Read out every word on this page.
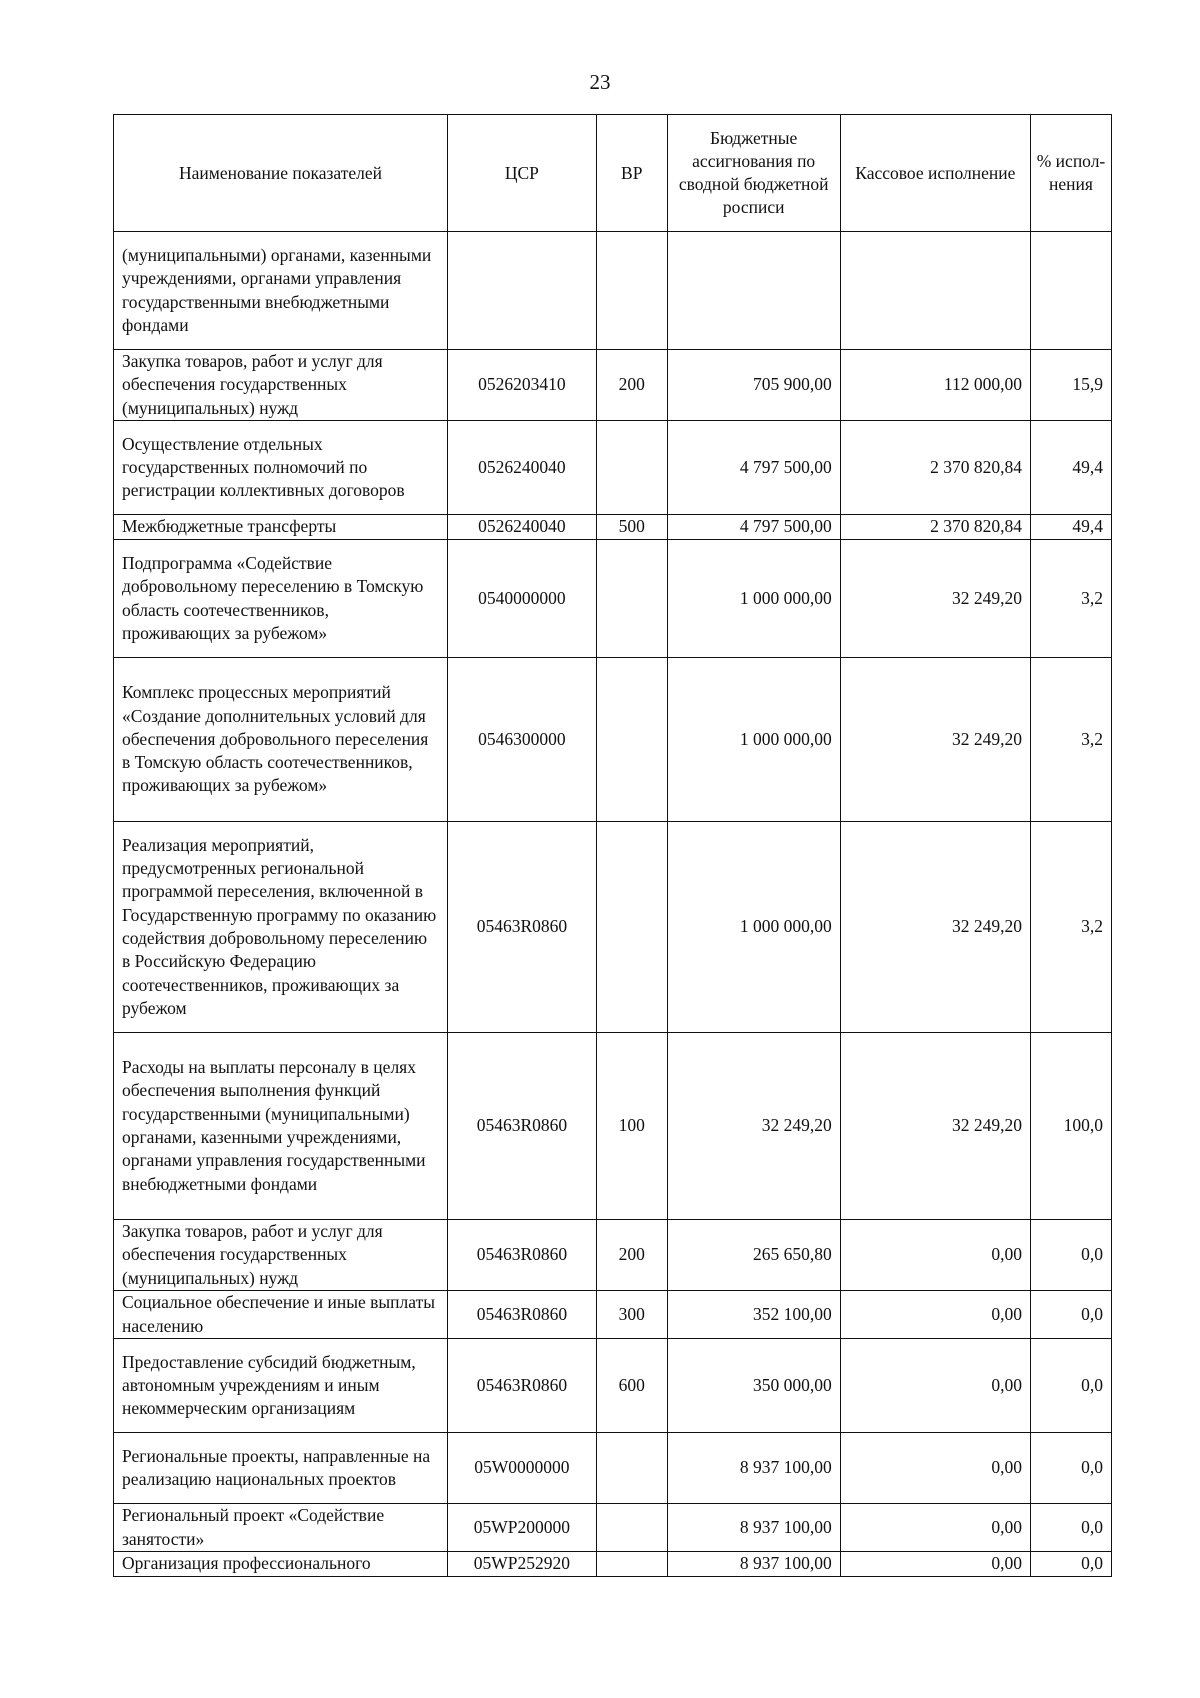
23
Наименование показателей	ЦСР	ВР	Бюджетные ассигнования по сводной бюджетной росписи	Кассовое исполнение	% испол-нения
(муниципальными) органами, казенными учреждениями, органами управления государственными внебюджетными фондами					
Закупка товаров, работ и услуг для обеспечения государственных (муниципальных) нужд	0526203410	200	705 900,00	112 000,00	15,9
Осуществление отдельных государственных полномочий по регистрации коллективных договоров	0526240040		4 797 500,00	2 370 820,84	49,4
Межбюджетные трансферты	0526240040	500	4 797 500,00	2 370 820,84	49,4
Подпрограмма «Содействие добровольному переселению в Томскую область соотечественников, проживающих за рубежом»	0540000000		1 000 000,00	32 249,20	3,2
Комплекс процессных мероприятий «Создание дополнительных условий для обеспечения добровольного переселения в Томскую область соотечественников, проживающих за рубежом»	0546300000		1 000 000,00	32 249,20	3,2
Реализация мероприятий, предусмотренных региональной программой переселения, включенной в Государственную программу по оказанию содействия добровольному переселению в Российскую Федерацию соотечественников, проживающих за рубежом	05463R0860		1 000 000,00	32 249,20	3,2
Расходы на выплаты персоналу в целях обеспечения выполнения функций государственными (муниципальными) органами, казенными учреждениями, органами управления государственными внебюджетными фондами	05463R0860	100	32 249,20	32 249,20	100,0
Закупка товаров, работ и услуг для обеспечения государственных (муниципальных) нужд	05463R0860	200	265 650,80	0,00	0,0
Социальное обеспечение и иные выплаты населению	05463R0860	300	352 100,00	0,00	0,0
Предоставление субсидий бюджетным, автономным учреждениям и иным некоммерческим организациям	05463R0860	600	350 000,00	0,00	0,0
Региональные проекты, направленные на реализацию национальных проектов	05W0000000		8 937 100,00	0,00	0,0
Региональный проект «Содействие занятости»	05WP200000		8 937 100,00	0,00	0,0
Организация профессионального	05WP252920		8 937 100,00	0,00	0,0
